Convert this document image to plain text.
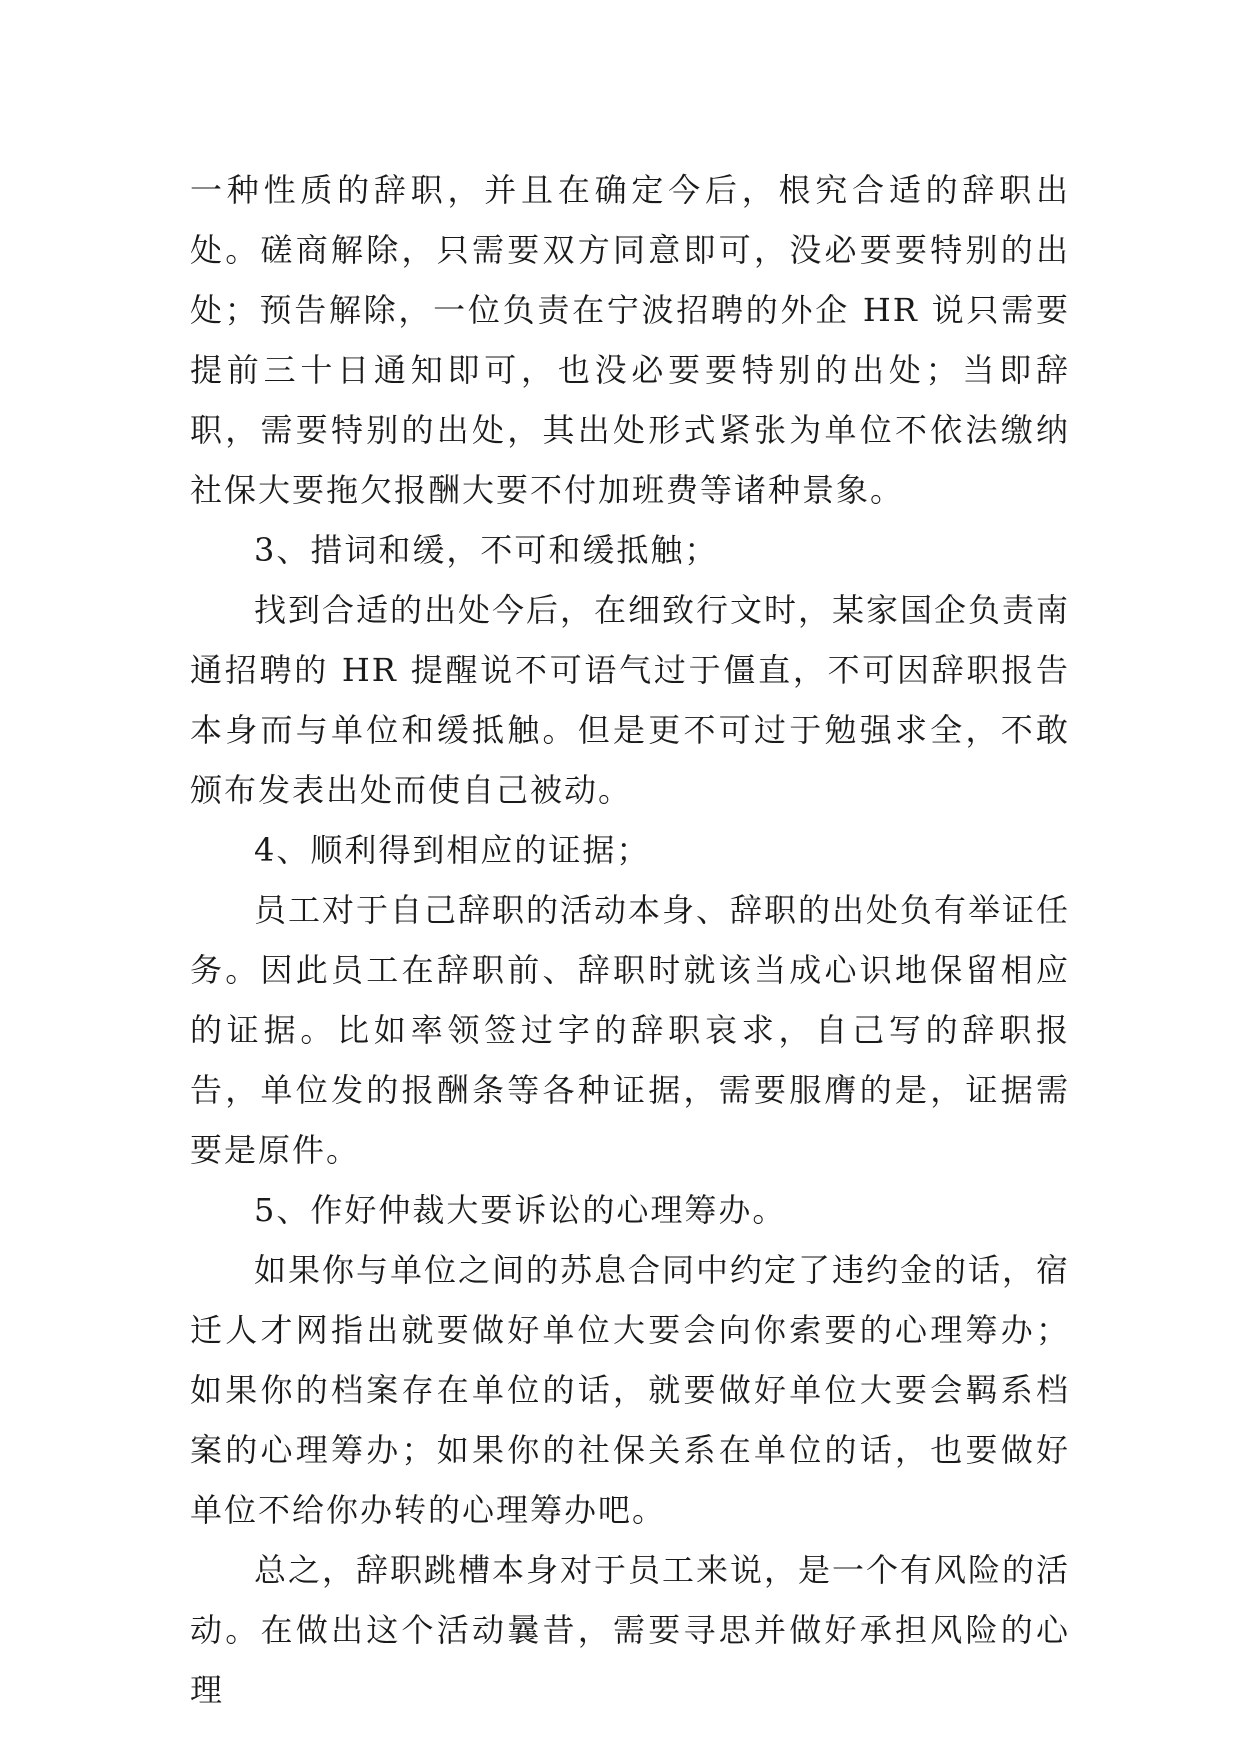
一种性质的辞职，并且在确定今后，根究合适的辞职出处。磋商解除，只需要双方同意即可，没必要要特别的出处；预告解除，一位负责在宁波招聘的外企 HR 说只需要提前三十日通知即可，也没必要要特别的出处；当即辞职，需要特别的出处，其出处形式紧张为单位不依法缴纳社保大要拖欠报酬大要不付加班费等诸种景象。

3、措词和缓，不可和缓抵触；

找到合适的出处今后，在细致行文时，某家国企负责南通招聘的 HR 提醒说不可语气过于僵直，不可因辞职报告本身而与单位和缓抵触。但是更不可过于勉强求全，不敢颁布发表出处而使自己被动。

4、顺利得到相应的证据；

员工对于自己辞职的活动本身、辞职的出处负有举证任务。因此员工在辞职前、辞职时就该当成心识地保留相应的证据。比如率领签过字的辞职哀求，自己写的辞职报告，单位发的报酬条等各种证据，需要服膺的是，证据需要是原件。

5、作好仲裁大要诉讼的心理筹办。

如果你与单位之间的苏息合同中约定了违约金的话，宿迁人才网指出就要做好单位大要会向你索要的心理筹办；如果你的档案存在单位的话，就要做好单位大要会羁系档案的心理筹办；如果你的社保关系在单位的话，也要做好单位不给你办转的心理筹办吧。

总之，辞职跳槽本身对于员工来说，是一个有风险的活动。在做出这个活动曩昔，需要寻思并做好承担风险的心理
